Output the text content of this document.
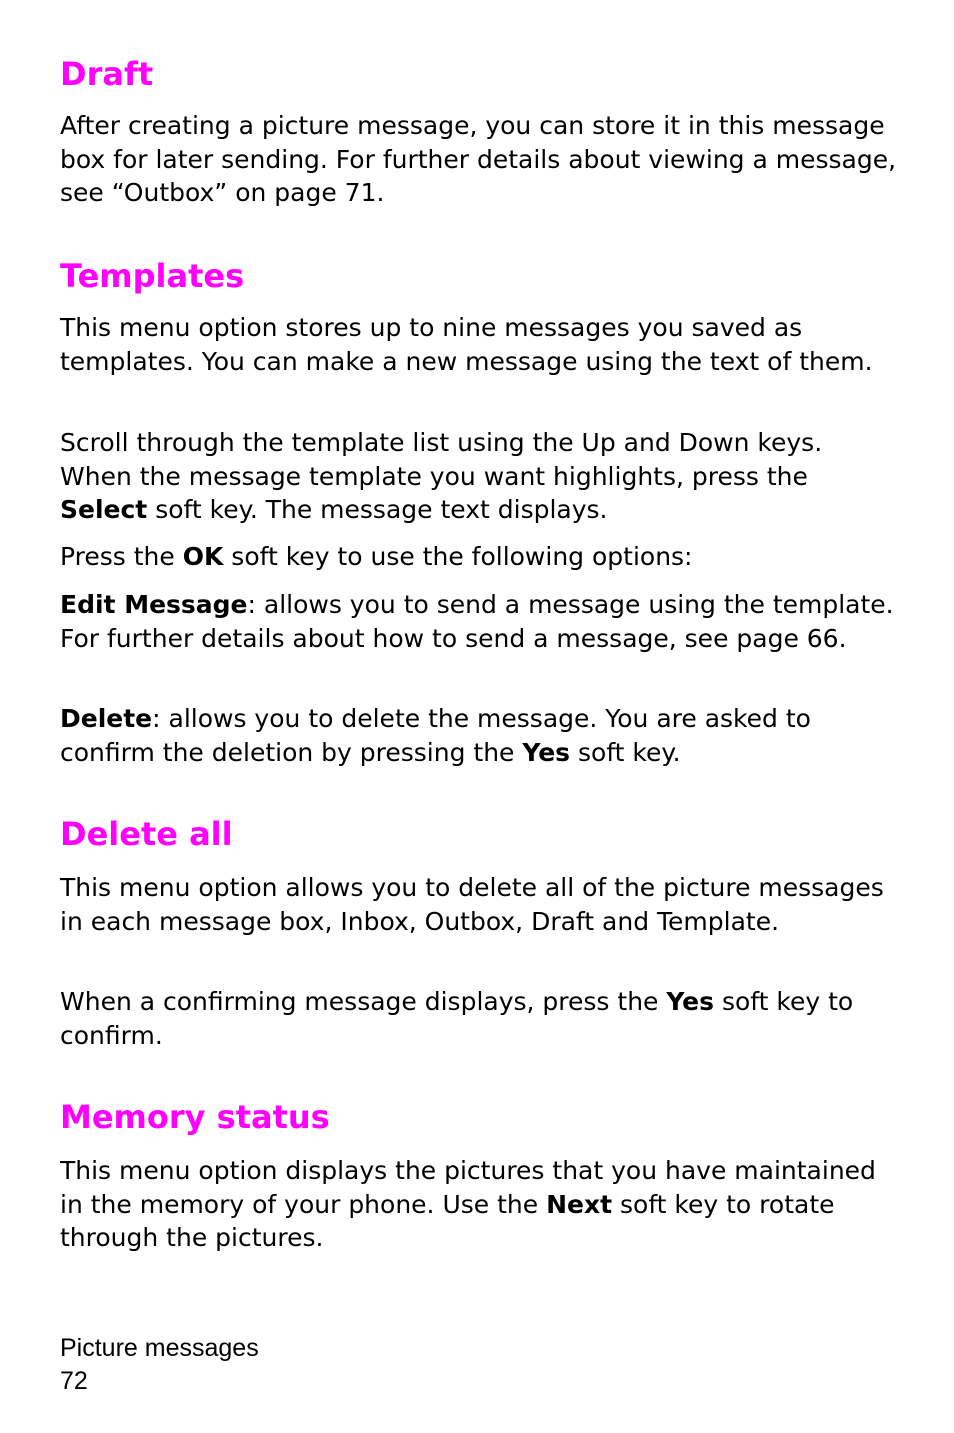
Draft

After creating a picture message, you can store it in this message box for later sending. For further details about viewing a message, see “Outbox” on page 71.

Templates

This menu option stores up to nine messages you saved as templates. You can make a new message using the text of them.

Scroll through the template list using the Up and Down keys. When the message template you want highlights, press the Select soft key. The message text displays.

Press the OK soft key to use the following options:

Edit Message: allows you to send a message using the template. For further details about how to send a message, see page 66.

Delete: allows you to delete the message. You are asked to confirm the deletion by pressing the Yes soft key.

Delete all

This menu option allows you to delete all of the picture messages in each message box, Inbox, Outbox, Draft and Template.

When a confirming message displays, press the Yes soft key to confirm.

Memory status

This menu option displays the pictures that you have maintained in the memory of your phone. Use the Next soft key to rotate through the pictures.

Picture messages
72
